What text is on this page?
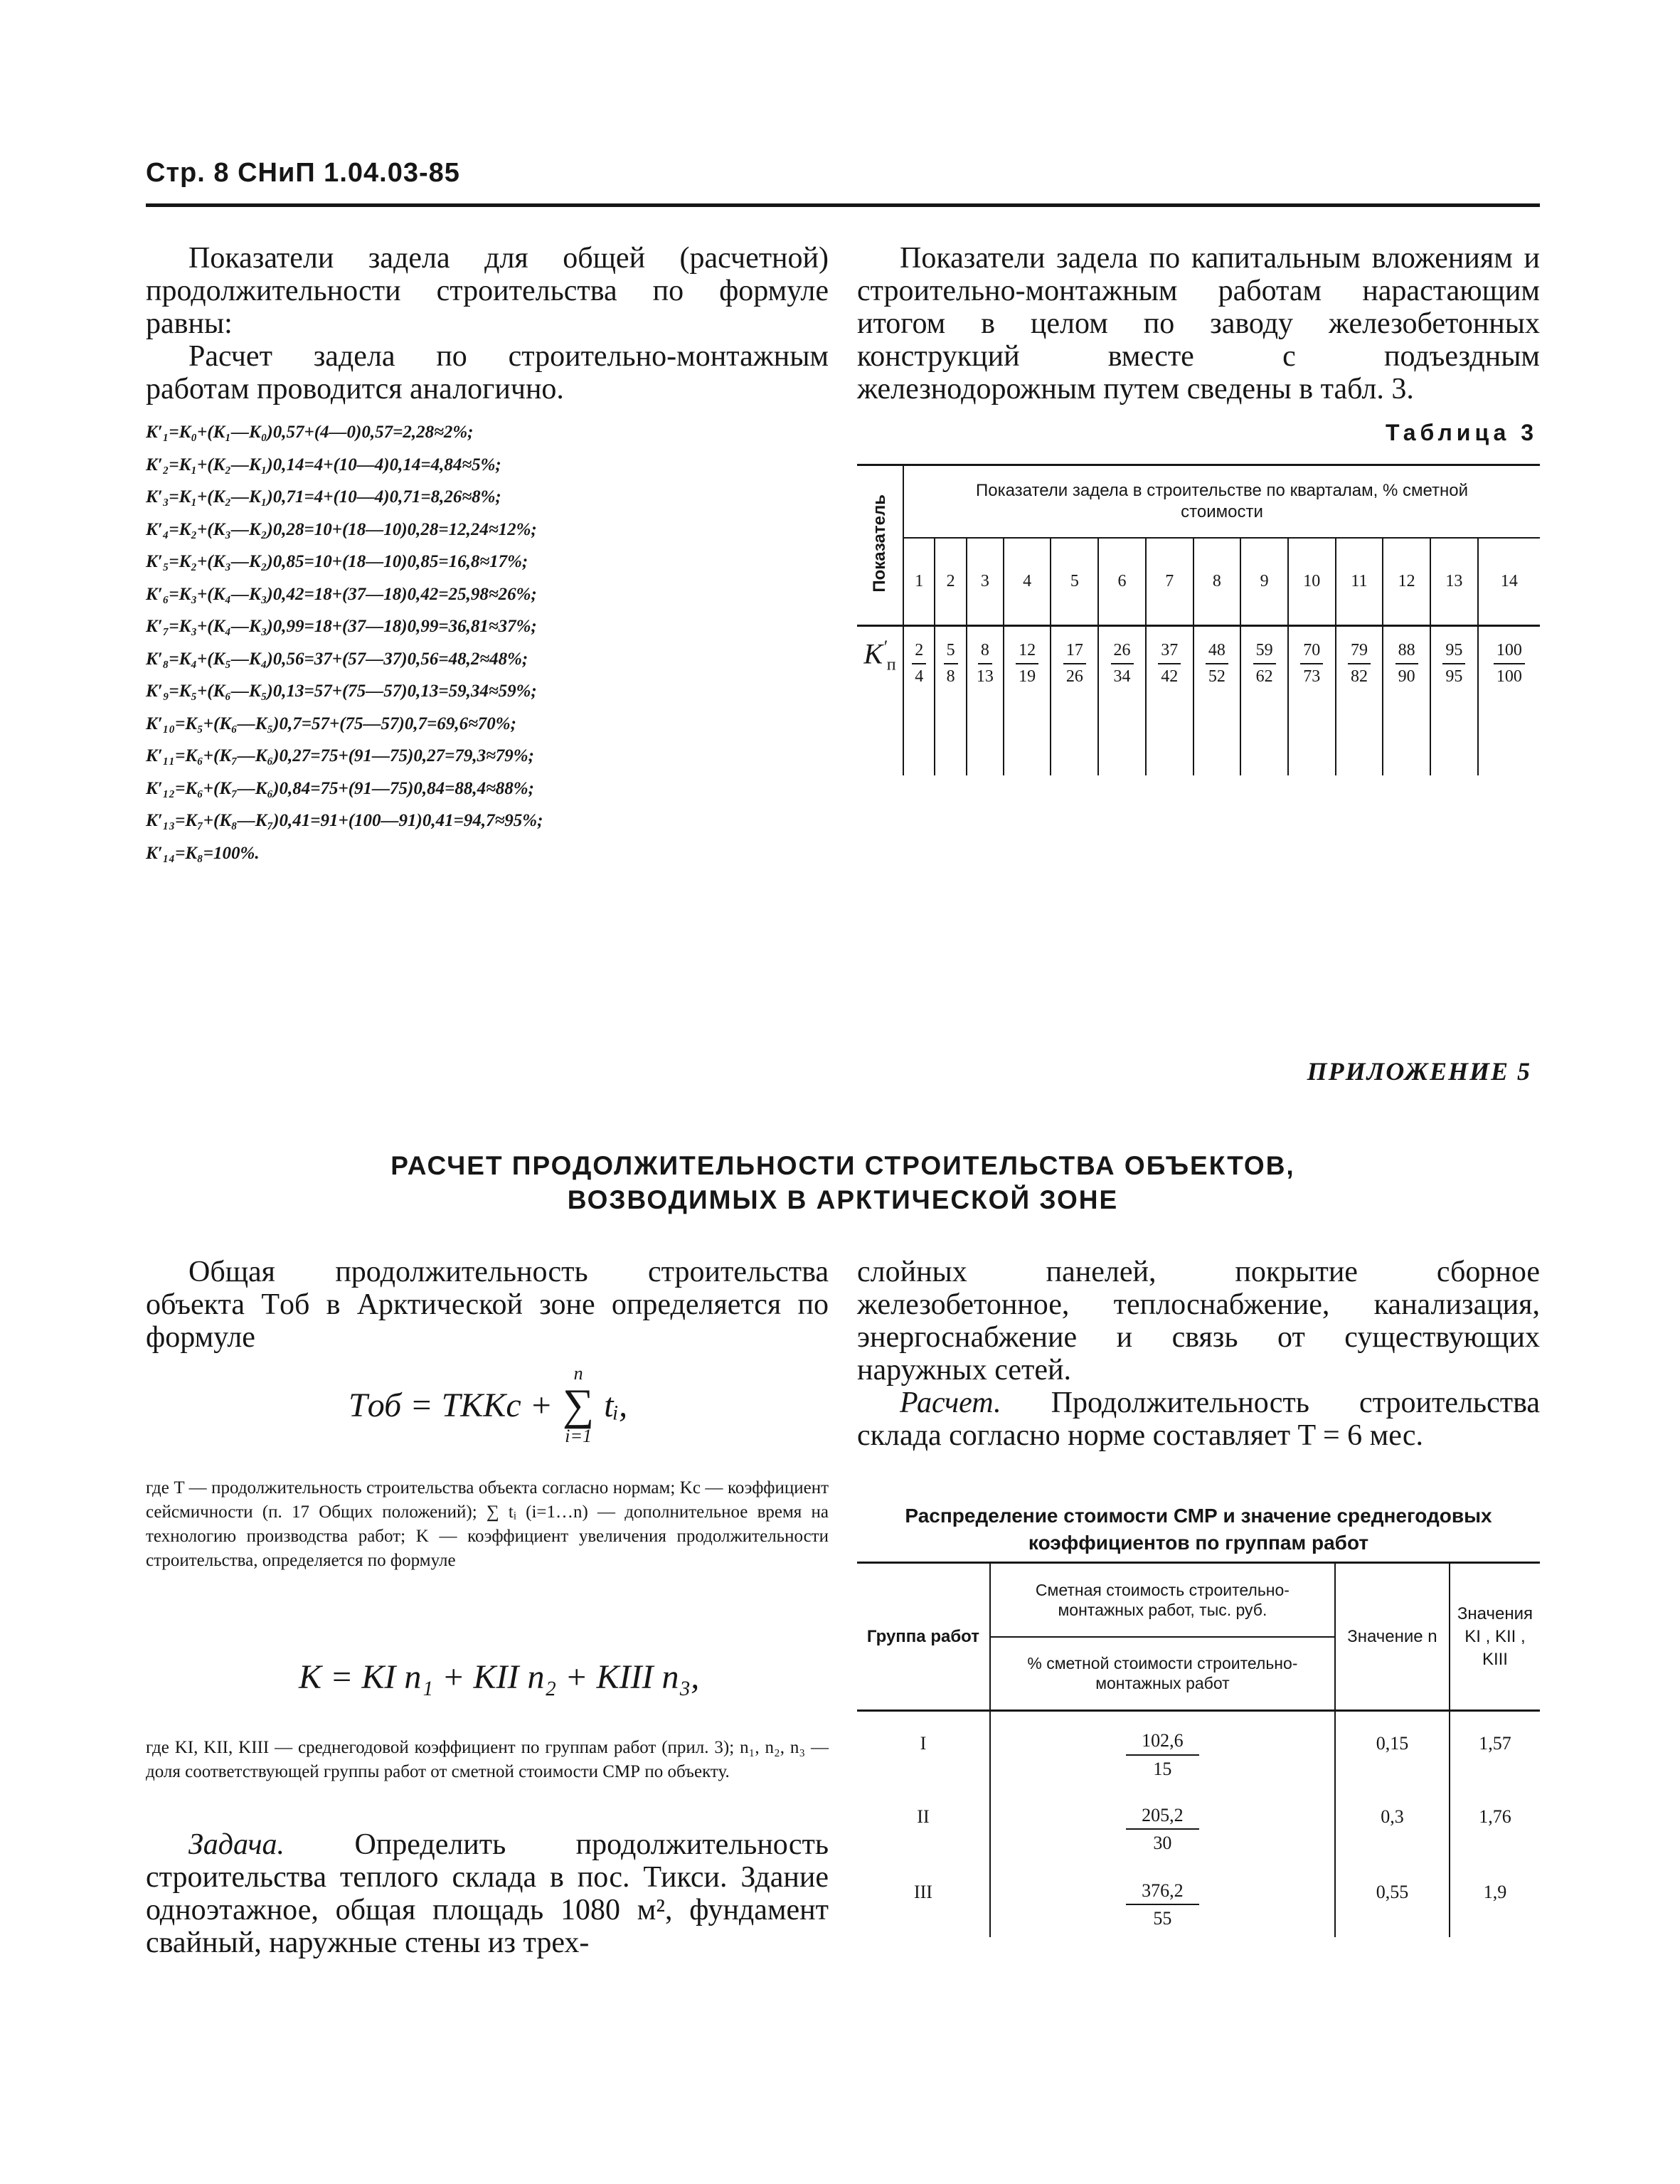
Стр. 8 СНиП 1.04.03-85

Показатели задела для общей (расчетной) продолжительности строительства по формуле равны:

Расчет задела по строительно-монтажным работам проводится аналогично.

K′₁=K₀+(K₁—K₀)0,57+(4—0)0,57=2,28≈2%;
K′₂=K₁+(K₂—K₁)0,14=4+(10—4)0,14=4,84≈5%;
K′₃=K₁+(K₂—K₁)0,71=4+(10—4)0,71=8,26≈8%;
K′₄=K₂+(K₃—K₂)0,28=10+(18—10)0,28=12,24≈12%;
K′₅=K₂+(K₃—K₂)0,85=10+(18—10)0,85=16,8≈17%;
K′₆=K₃+(K₄—K₃)0,42=18+(37—18)0,42=25,98≈26%;
K′₇=K₃+(K₄—K₃)0,99=18+(37—18)0,99=36,81≈37%;
K′₈=K₄+(K₅—K₄)0,56=37+(57—37)0,56=48,2≈48%;
K′₉=K₅+(K₆—K₅)0,13=57+(75—57)0,13=59,34≈59%;
K′₁₀=K₅+(K₆—K₅)0,7=57+(75—57)0,7=69,6≈70%;
K′₁₁=K₆+(K₇—K₆)0,27=75+(91—75)0,27=79,3≈79%;
K′₁₂=K₆+(K₇—K₆)0,84=75+(91—75)0,84=88,4≈88%;
K′₁₃=K₇+(K₈—K₇)0,41=91+(100—91)0,41=94,7≈95%;
K′₁₄=K₈=100%.

Показатели задела по капитальным вложениям и строительно-монтажным работам нарастающим итогом в целом по заводу железобетонных конструкций вместе с подъездным железнодорожным путем сведены в табл. 3.

Таблица 3
Показатель	Показатели задела в строительстве по кварталам, % сметной стоимости													
	1	2	3	4	5	6	7	8	9	10	11	12	13	14
$K'_п$	$\frac{2}{4}$	$\frac{5}{8}$	$\frac{8}{13}$	$\frac{12}{19}$	$\frac{17}{26}$	$\frac{26}{34}$	$\frac{37}{42}$	$\frac{48}{52}$	$\frac{59}{62}$	$\frac{70}{73}$	$\frac{79}{82}$	$\frac{88}{90}$	$\frac{95}{95}$	$\frac{100}{100}$
ПРИЛОЖЕНИЕ 5
РАСЧЕТ ПРОДОЛЖИТЕЛЬНОСТИ СТРОИТЕЛЬСТВА ОБЪЕКТОВ,
ВОЗВОДИМЫХ В АРКТИЧЕСКОЙ ЗОНЕ

Общая продолжительность строительства объекта Tоб в Арктической зоне определяется по формуле

Tоб = TKKc +
n
∑
i=1
tᵢ,

где T — продолжительность строительства объекта согласно нормам; Kc — коэффициент сейсмичности (п. 17 Общих положений); ∑ tᵢ (i=1…n) — дополнительное время на технологию производства работ; K — коэффициент увеличения продолжительности строительства, определяется по формуле

K = KI n₁ + KII n₂ + KIII n₃,

где KI, KII, KIII — среднегодовой коэффициент по группам работ (прил. 3); n₁, n₂, n₃ — доля соответствующей группы работ от сметной стоимости СМР по объекту.

Задача. Определить продолжительность строительства теплого склада в пос. Тикси. Здание одноэтажное, общая площадь 1080 м², фундамент свайный, наружные стены из трех-

слойных панелей, покрытие сборное железобетонное, теплоснабжение, канализация, энергоснабжение и связь от существующих наружных сетей.

Расчет. Продолжительность строительства склада согласно норме составляет T = 6 мес.

Распределение стоимости СМР и значение среднегодовых коэффициентов по группам работ
Группа работ	Сметная стоимость строительно-монтажных работ, тыс. руб.	Значение n	Значения KI , KII , KIII
	% сметной стоимости строительно-монтажных работ		
I	$\frac{102,6}{15}$	0,15	1,57
II	$\frac{205,2}{30}$	0,3	1,76
III	$\frac{376,2}{55}$	0,55	1,9
